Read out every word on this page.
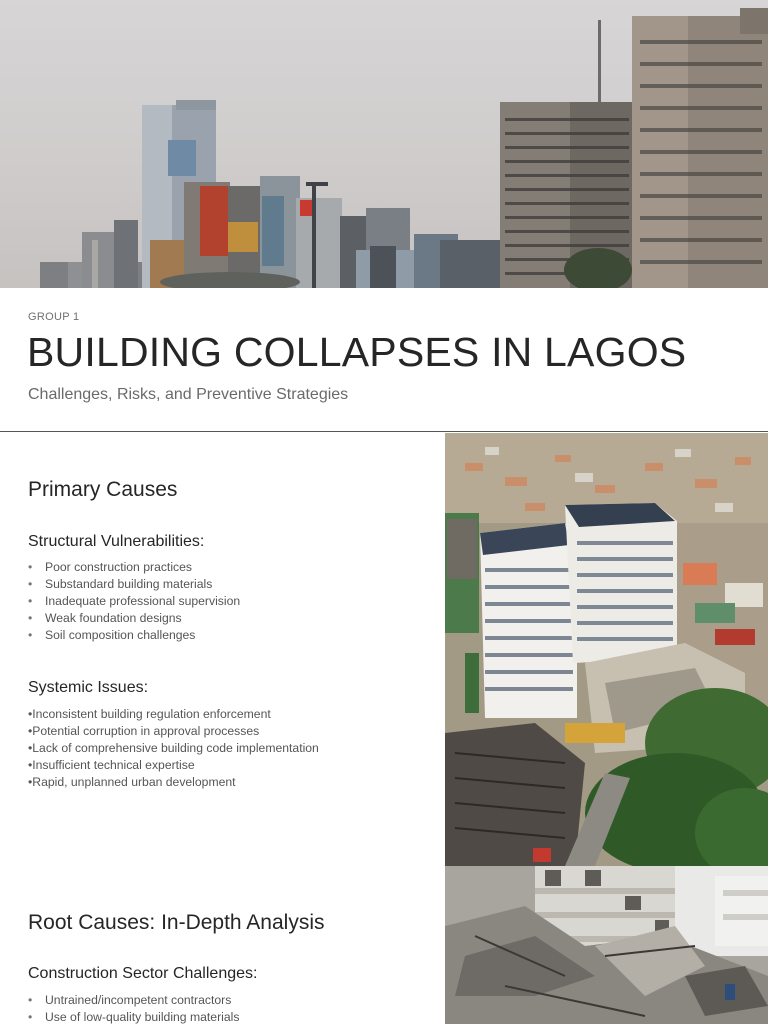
GROUP 1
BUILDING COLLAPSES IN LAGOS
Challenges, Risks, and Preventive Strategies
Primary Causes
Structural Vulnerabilities:
• Poor construction practices
• Substandard building materials
• Inadequate professional supervision
• Weak foundation designs
• Soil composition challenges
Systemic Issues:
•Inconsistent building regulation enforcement
•Potential corruption in approval processes
•Lack of comprehensive building code implementation
•Insufficient technical expertise
•Rapid, unplanned urban development
Root Causes: In-Depth Analysis
Construction Sector Challenges:
• Untrained/incompetent contractors
• Use of low-quality building materials
